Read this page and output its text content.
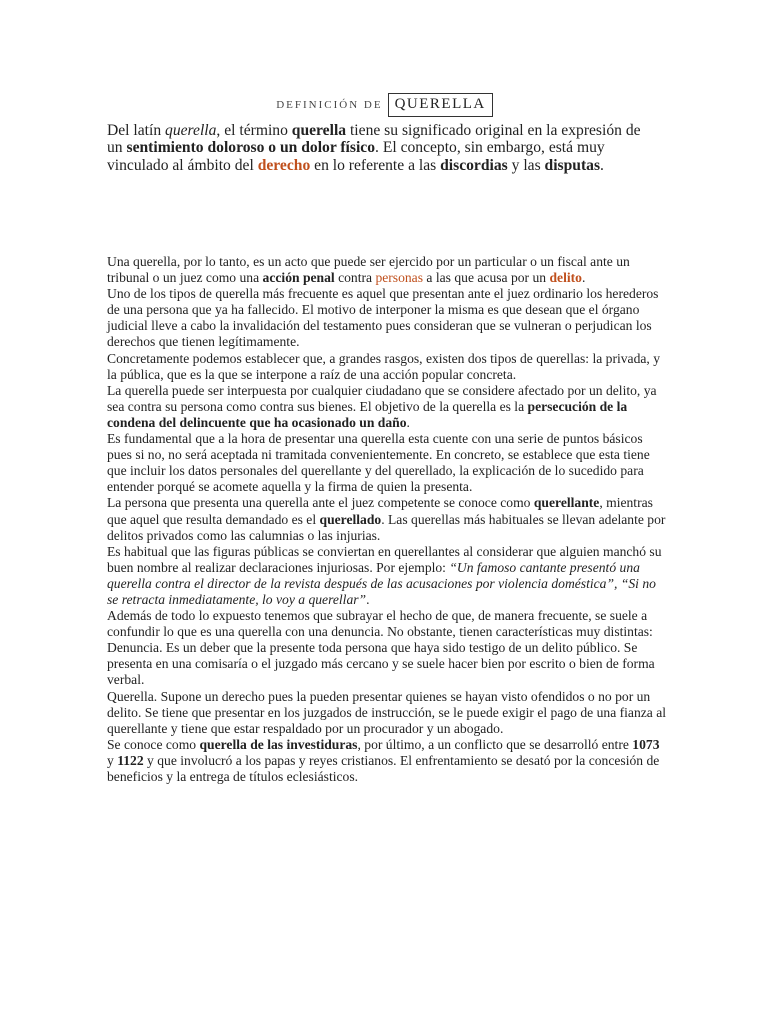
DEFINICIÓN DE QUERELLA

Del latín querella, el término querella tiene su significado original en la expresión de un sentimiento doloroso o un dolor físico. El concepto, sin embargo, está muy vinculado al ámbito del derecho en lo referente a las discordias y las disputas.

Una querella, por lo tanto, es un acto que puede ser ejercido por un particular o un fiscal ante un tribunal o un juez como una acción penal contra personas a las que acusa por un delito.

Uno de los tipos de querella más frecuente es aquel que presentan ante el juez ordinario los herederos de una persona que ya ha fallecido. El motivo de interponer la misma es que desean que el órgano judicial lleve a cabo la invalidación del testamento pues consideran que se vulneran o perjudican los derechos que tienen legítimamente.

Concretamente podemos establecer que, a grandes rasgos, existen dos tipos de querellas: la privada, y la pública, que es la que se interpone a raíz de una acción popular concreta.

La querella puede ser interpuesta por cualquier ciudadano que se considere afectado por un delito, ya sea contra su persona como contra sus bienes. El objetivo de la querella es la persecución de la condena del delincuente que ha ocasionado un daño.

Es fundamental que a la hora de presentar una querella esta cuente con una serie de puntos básicos pues si no, no será aceptada ni tramitada convenientemente. En concreto, se establece que esta tiene que incluir los datos personales del querellante y del querellado, la explicación de lo sucedido para entender porqué se acomete aquella y la firma de quien la presenta.

La persona que presenta una querella ante el juez competente se conoce como querellante, mientras que aquel que resulta demandado es el querellado. Las querellas más habituales se llevan adelante por delitos privados como las calumnias o las injurias.

Es habitual que las figuras públicas se conviertan en querellantes al considerar que alguien manchó su buen nombre al realizar declaraciones injuriosas. Por ejemplo: “Un famoso cantante presentó una querella contra el director de la revista después de las acusaciones por violencia doméstica”, “Si no se retracta inmediatamente, lo voy a querellar”.

Además de todo lo expuesto tenemos que subrayar el hecho de que, de manera frecuente, se suele a confundir lo que es una querella con una denuncia. No obstante, tienen características muy distintas:

Denuncia. Es un deber que la presente toda persona que haya sido testigo de un delito público. Se presenta en una comisaría o el juzgado más cercano y se suele hacer bien por escrito o bien de forma verbal.

Querella. Supone un derecho pues la pueden presentar quienes se hayan visto ofendidos o no por un delito. Se tiene que presentar en los juzgados de instrucción, se le puede exigir el pago de una fianza al querellante y tiene que estar respaldado por un procurador y un abogado.

Se conoce como querella de las investiduras, por último, a un conflicto que se desarrolló entre 1073 y 1122 y que involucró a los papas y reyes cristianos. El enfrentamiento se desató por la concesión de beneficios y la entrega de títulos eclesiásticos.
